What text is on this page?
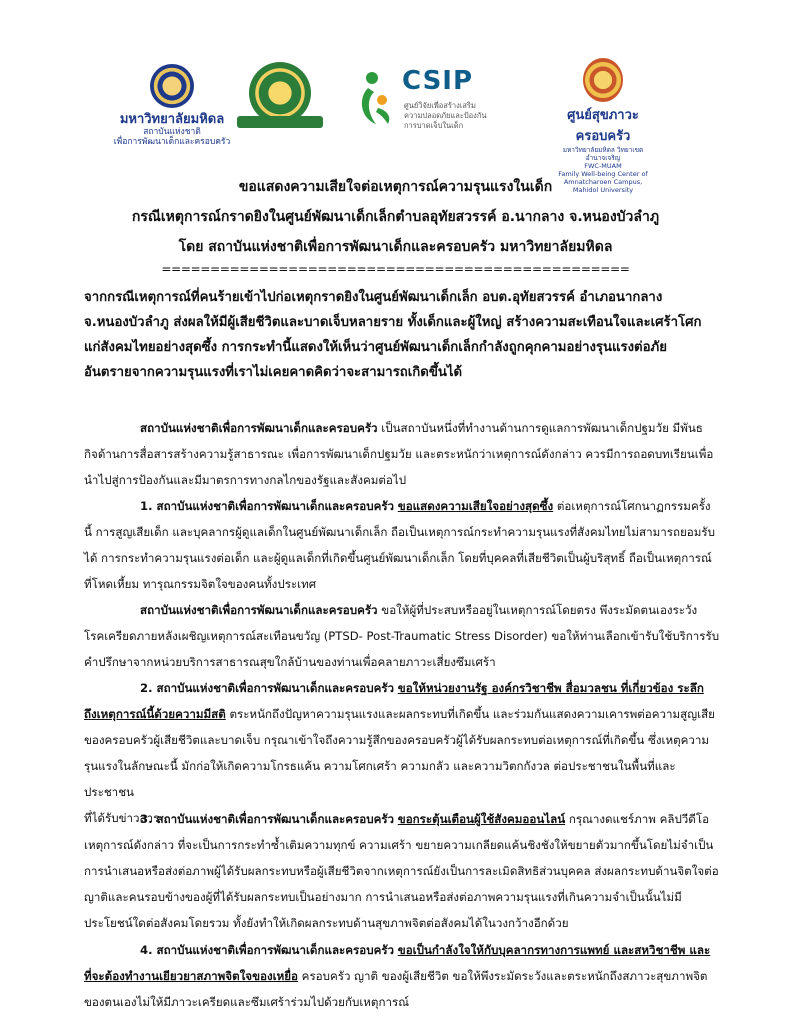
มหาวิทยาลัยมหิดล
สถาบันแห่งชาติ
เพื่อการพัฒนาเด็กและครอบครัว
CSIP
ศูนย์วิจัยเพื่อสร้างเสริม
ความปลอดภัยและป้องกัน
การบาดเจ็บในเด็ก
ศูนย์สุขภาวะครอบครัว
มหาวิทยาลัยมหิดล วิทยาเขตอำนาจเจริญ
FWC-MUAM
Family Well-being Center of Amnatcharoen Campus,
Mahidol University
ขอแสดงความเสียใจต่อเหตุการณ์ความรุนแรงในเด็ก
กรณีเหตุการณ์กราดยิงในศูนย์พัฒนาเด็กเล็กตำบลอุทัยสวรรค์ อ.นากลาง จ.หนองบัวลำภู
โดย สถาบันแห่งชาติเพื่อการพัฒนาเด็กและครอบครัว มหาวิทยาลัยมหิดล
================================================
จากกรณีเหตุการณ์ที่คนร้ายเข้าไปก่อเหตุกราดยิงในศูนย์พัฒนาเด็กเล็ก อบต.อุทัยสวรรค์ อำเภอนากลาง
จ.หนองบัวลำภู ส่งผลให้มีผู้เสียชีวิตและบาดเจ็บหลายราย ทั้งเด็กและผู้ใหญ่ สร้างความสะเทือนใจและเศร้าโศก
แก่สังคมไทยอย่างสุดซึ้ง การกระทำนี้แสดงให้เห็นว่าศูนย์พัฒนาเด็กเล็กกำลังถูกคุกคามอย่างรุนแรงต่อภัย
อันตรายจากความรุนแรงที่เราไม่เคยคาดคิดว่าจะสามารถเกิดขึ้นได้
สถาบันแห่งชาติเพื่อการพัฒนาเด็กและครอบครัว เป็นสถาบันหนึ่งที่ทำงานด้านการดูแลการพัฒนาเด็กปฐมวัย มีพันธ
กิจด้านการสื่อสารสร้างความรู้สาธารณะ เพื่อการพัฒนาเด็กปฐมวัย และตระหนักว่าเหตุการณ์ดังกล่าว ควรมีการถอดบทเรียนเพื่อ
นำไปสู่การป้องกันและมีมาตรการทางกลไกของรัฐและสังคมต่อไป
1. สถาบันแห่งชาติเพื่อการพัฒนาเด็กและครอบครัว ขอแสดงความเสียใจอย่างสุดซึ้ง ต่อเหตุการณ์โศกนาฏกรรมครั้ง
นี้ การสูญเสียเด็ก และบุคลากรผู้ดูแลเด็กในศูนย์พัฒนาเด็กเล็ก ถือเป็นเหตุการณ์กระทำความรุนแรงที่สังคมไทยไม่สามารถยอมรับ
ได้ การกระทำความรุนแรงต่อเด็ก และผู้ดูแลเด็กที่เกิดขึ้นศูนย์พัฒนาเด็กเล็ก โดยที่บุคคลที่เสียชีวิตเป็นผู้บริสุทธิ์ ถือเป็นเหตุการณ์
ที่โหดเหี้ยม ทารุณกรรมจิตใจของคนทั้งประเทศ
สถาบันแห่งชาติเพื่อการพัฒนาเด็กและครอบครัว ขอให้ผู้ที่ประสบหรืออยู่ในเหตุการณ์โดยตรง พึงระมัดตนเองระวัง
โรคเครียดภายหลังเผชิญเหตุการณ์สะเทือนขวัญ (PTSD- Post-Traumatic Stress Disorder) ขอให้ท่านเลือกเข้ารับใช้บริการรับ
คำปรึกษาจากหน่วยบริการสาธารณสุขใกล้บ้านของท่านเพื่อคลายภาวะเสี่ยงซึมเศร้า
2. สถาบันแห่งชาติเพื่อการพัฒนาเด็กและครอบครัว ขอให้หน่วยงานรัฐ องค์กรวิชาชีพ สื่อมวลชน ที่เกี่ยวข้อง ระลึก
ถึงเหตุการณ์นี้ด้วยความมีสติ ตระหนักถึงปัญหาความรุนแรงและผลกระทบที่เกิดขึ้น และร่วมกันแสดงความเคารพต่อความสูญเสีย
ของครอบครัวผู้เสียชีวิตและบาดเจ็บ กรุณาเข้าใจถึงความรู้สึกของครอบครัวผู้ได้รับผลกระทบต่อเหตุการณ์ที่เกิดขึ้น ซึ่งเหตุความ
รุนแรงในลักษณะนี้ มักก่อให้เกิดความโกรธแค้น ความโศกเศร้า ความกลัว และความวิตกกังวล ต่อประชาชนในพื้นที่และประชาชน
ที่ได้รับข่าวสาร
3. สถาบันแห่งชาติเพื่อการพัฒนาเด็กและครอบครัว ขอกระตุ้นเตือนผู้ใช้สังคมออนไลน์ กรุณางดแชร์ภาพ คลิปวีดีโอ
เหตุการณ์ดังกล่าว ที่จะเป็นการกระทำซ้ำเติมความทุกข์ ความเศร้า ขยายความเกลียดแค้นชิงชังให้ขยายตัวมากขึ้นโดยไม่จำเป็น
การนำเสนอหรือส่งต่อภาพผู้ได้รับผลกระทบหรือผู้เสียชีวิตจากเหตุการณ์ยังเป็นการละเมิดสิทธิส่วนบุคคล ส่งผลกระทบด้านจิตใจต่อ
ญาติและคนรอบข้างของผู้ที่ได้รับผลกระทบเป็นอย่างมาก การนำเสนอหรือส่งต่อภาพความรุนแรงที่เกินความจำเป็นนั้นไม่มี
ประโยชน์ใดต่อสังคมโดยรวม ทั้งยังทำให้เกิดผลกระทบด้านสุขภาพจิตต่อสังคมได้ในวงกว้างอีกด้วย
4. สถาบันแห่งชาติเพื่อการพัฒนาเด็กและครอบครัว ขอเป็นกำลังใจให้กับบุคลากรทางการแพทย์ และสหวิชาชีพ และ
ที่จะต้องทำงานเยียวยาสภาพจิตใจของเหยื่อ ครอบครัว ญาติ ของผู้เสียชีวิต ขอให้พึงระมัดระวังและตระหนักถึงสภาวะสุขภาพจิต
ของตนเองไม่ให้มีภาวะเครียดและซึมเศร้าร่วมไปด้วยกับเหตุการณ์
